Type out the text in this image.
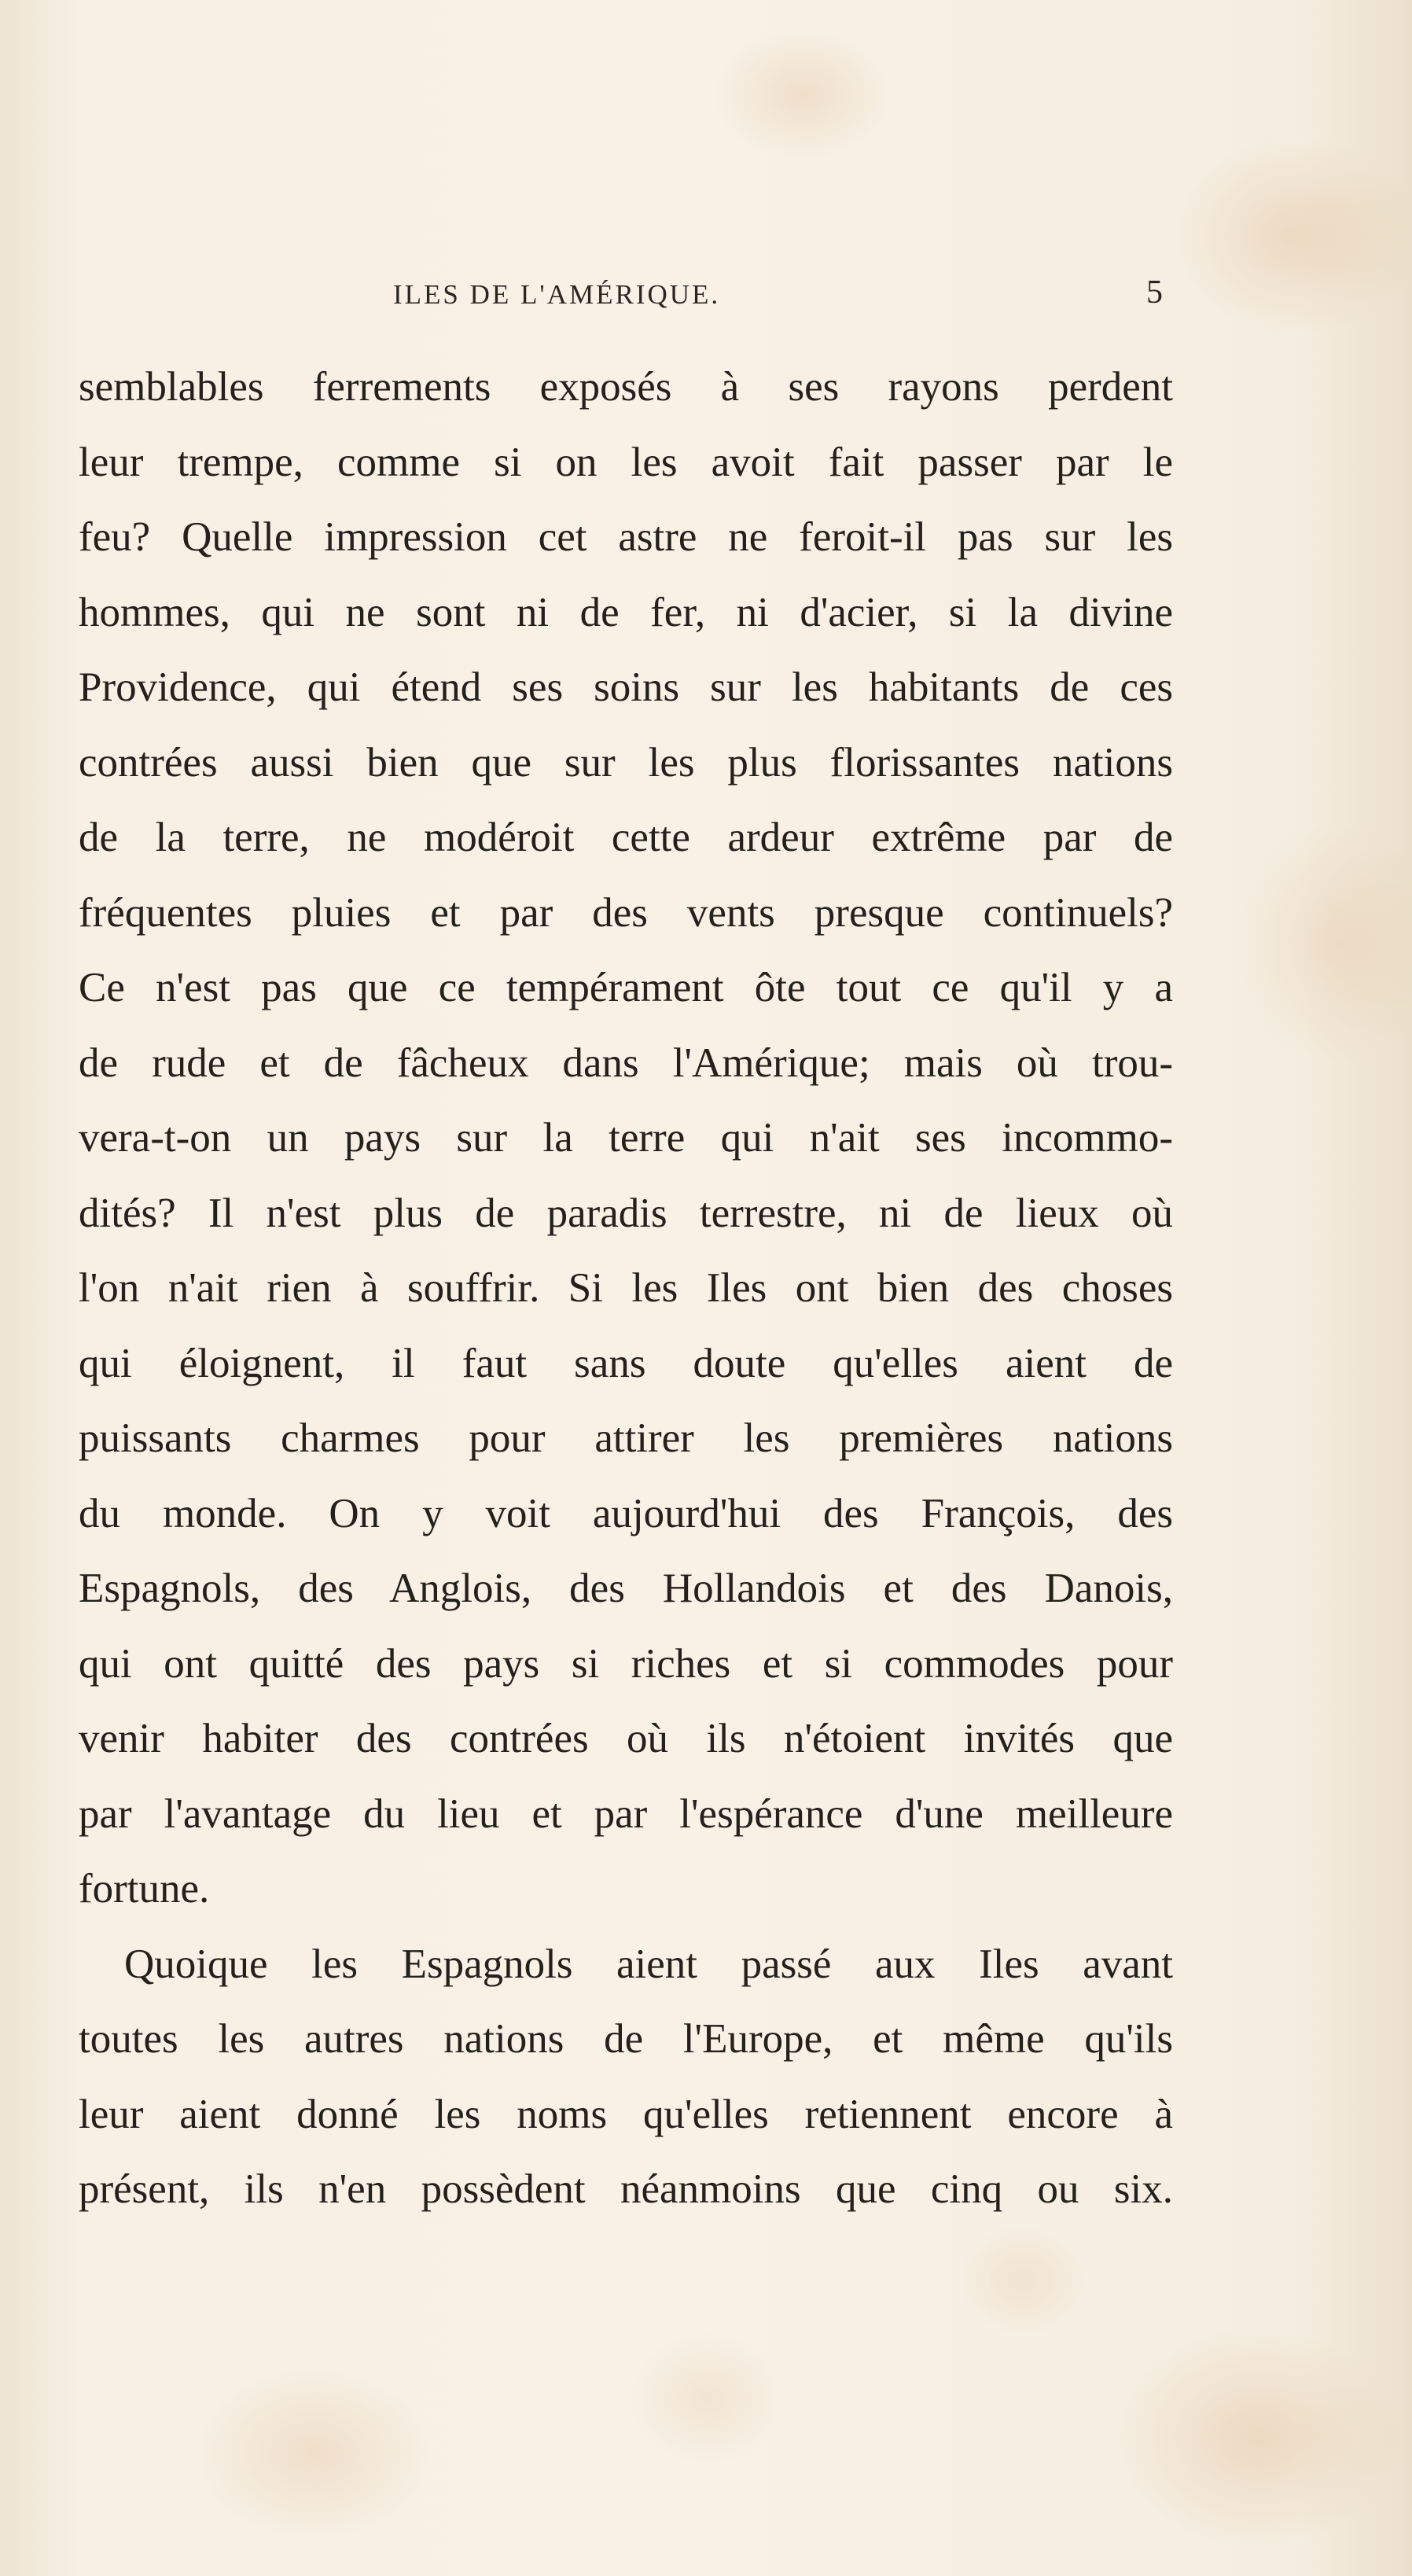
ILES DE L'AMÉRIQUE.	5
semblables ferrements exposés à ses rayons perdent
leur trempe, comme si on les avoit fait passer par le
feu? Quelle impression cet astre ne feroit-il pas sur les
hommes, qui ne sont ni de fer, ni d'acier, si la divine
Providence, qui étend ses soins sur les habitants de ces
contrées aussi bien que sur les plus florissantes nations
de la terre, ne modéroit cette ardeur extrême par de
fréquentes pluies et par des vents presque continuels?
Ce n'est pas que ce tempérament ôte tout ce qu'il y a
de rude et de fâcheux dans l'Amérique; mais où trou-
vera-t-on un pays sur la terre qui n'ait ses incommo-
dités? Il n'est plus de paradis terrestre, ni de lieux où
l'on n'ait rien à souffrir. Si les Iles ont bien des choses
qui éloignent, il faut sans doute qu'elles aient de
puissants charmes pour attirer les premières nations
du monde. On y voit aujourd'hui des François, des
Espagnols, des Anglois, des Hollandois et des Danois,
qui ont quitté des pays si riches et si commodes pour
venir habiter des contrées où ils n'étoient invités que
par l'avantage du lieu et par l'espérance d'une meilleure
fortune.
Quoique les Espagnols aient passé aux Iles avant
toutes les autres nations de l'Europe, et même qu'ils
leur aient donné les noms qu'elles retiennent encore à
présent, ils n'en possèdent néanmoins que cinq ou six.
